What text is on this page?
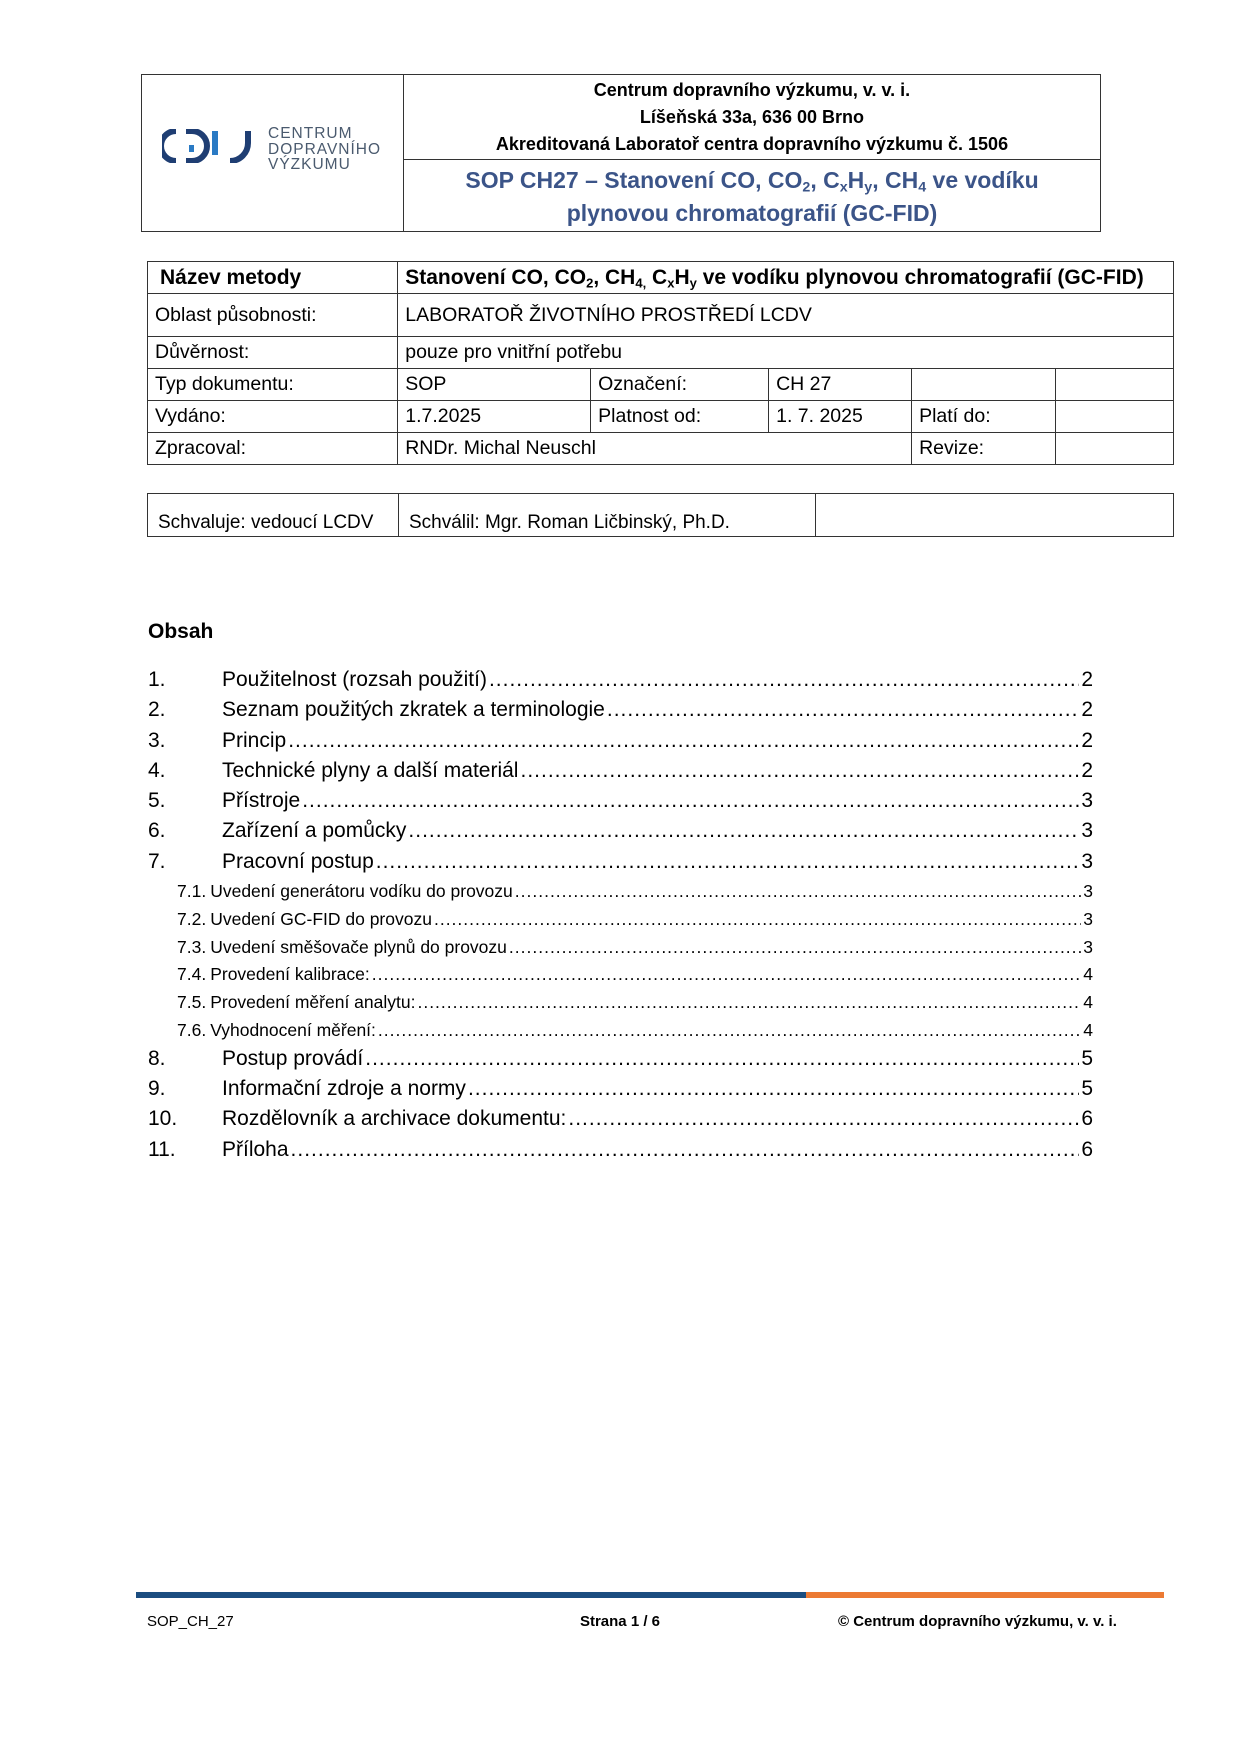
CENTRUM
DOPRAVNÍHO
VÝZKUMU
Centrum dopravního výzkumu, v. v. i.
Líšeňská 33a, 636 00 Brno
Akreditovaná Laboratoř centra dopravního výzkumu č. 1506
SOP CH27 – Stanovení CO, $CO_2$, $C_xH_y$, $CH_4$ ve vodíku
plynovou chromatografií (GC-FID)
Název metody	Stanovení CO, $CO_2$, $CH_{4,}$ $C_xH_y$ ve vodíku plynovou chromatografií (GC-FID)				
Oblast působnosti:	LABORATOŘ ŽIVOTNÍHO PROSTŘEDÍ LCDV				
Důvěrnost:	pouze pro vnitřní potřebu				
Typ dokumentu:	SOP	Označení:	CH 27		
Vydáno:	1.7.2025	Platnost od:	1. 7. 2025	Platí do:	
Zpracoval:	RNDr. Michal Neuschl			Revize:	
Schvaluje: vedoucí LCDV	Schválil: Mgr. Roman Ličbinský, Ph.D.	
Obsah
1.	Použitelnost (rozsah použití) .....	2
2.	Seznam použitých zkratek a terminologie .....	2
3.	Princip .....	2
4.	Technické plyny a další materiál .....	2
5.	Přístroje .....	3
6.	Zařízení a pomůcky .....	3
7.	Pracovní postup .....	3
7.1. Uvedení generátoru vodíku do provozu .....	3
7.2. Uvedení GC-FID do provozu .....	3
7.3. Uvedení směšovače plynů do provozu .....	3
7.4. Provedení kalibrace: .....	4
7.5. Provedení měření analytu: .....	4
7.6. Vyhodnocení měření: .....	4
8.	Postup provádí .....	5
9.	Informační zdroje a normy .....	5
10.	Rozdělovník a archivace dokumentu: .....	6
11.	Příloha .....	6
SOP_CH_27	Strana 1 / 6	© Centrum dopravního výzkumu, v. v. i.
